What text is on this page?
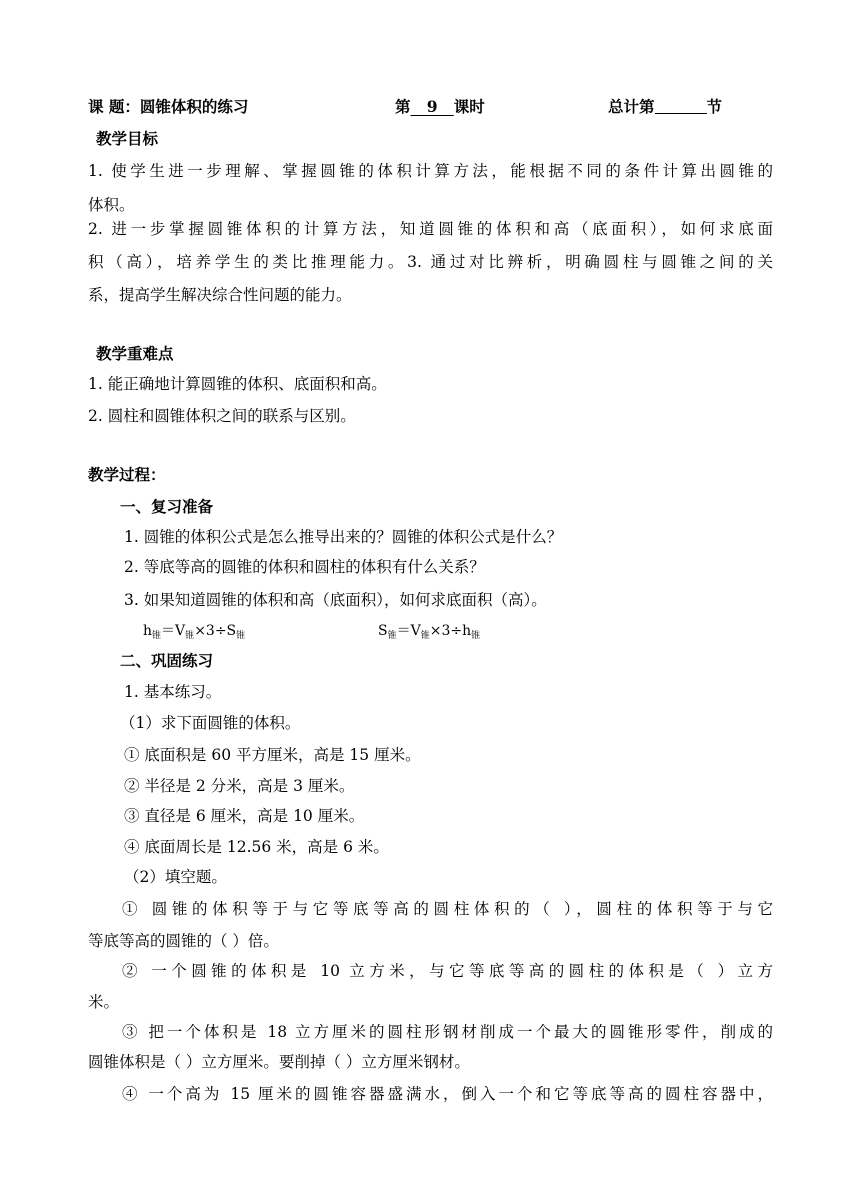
课 题：圆锥体积的练习	第 9 课时	总计第	节
教学目标
1. 使学生进一步理解、掌握圆锥的体积计算方法，能根据不同的条件计算出圆锥的
体积。
2. 进一步掌握圆锥体积的计算方法，知道圆锥的体积和高（底面积），如何求底面
积（高），培养学生的类比推理能力。3. 通过对比辨析，明确圆柱与圆锥之间的关
系，提高学生解决综合性问题的能力。
教学重难点
1. 能正确地计算圆锥的体积、底面积和高。
2. 圆柱和圆锥体积之间的联系与区别。
教学过程：
一、复习准备
1. 圆锥的体积公式是怎么推导出来的？圆锥的体积公式是什么？
2. 等底等高的圆锥的体积和圆柱的体积有什么关系？
3. 如果知道圆锥的体积和高（底面积），如何求底面积（高）。
$h_锥=V_锥\times 3\div S_锥$	$S_锥=V_锥\times 3\div h_锥$
二、巩固练习
1. 基本练习。
（1）求下面圆锥的体积。
① 底面积是 60 平方厘米，高是 15 厘米。
② 半径是 2 分米，高是 3 厘米。
③ 直径是 6 厘米，高是 10 厘米。
④ 底面周长是 12.56 米，高是 6 米。
（2）填空题。
① 圆锥的体积等于与它等底等高的圆柱体积的（ ），圆柱的体积等于与它
等底等高的圆锥的（ ）倍。
② 一个圆锥的体积是 10 立方米，与它等底等高的圆柱的体积是（ ）立方
米。
③ 把一个体积是 18 立方厘米的圆柱形钢材削成一个最大的圆锥形零件，削成的
圆锥体积是（ ）立方厘米。要削掉（ ）立方厘米钢材。
④ 一个高为 15 厘米的圆锥容器盛满水，倒入一个和它等底等高的圆柱容器中，
